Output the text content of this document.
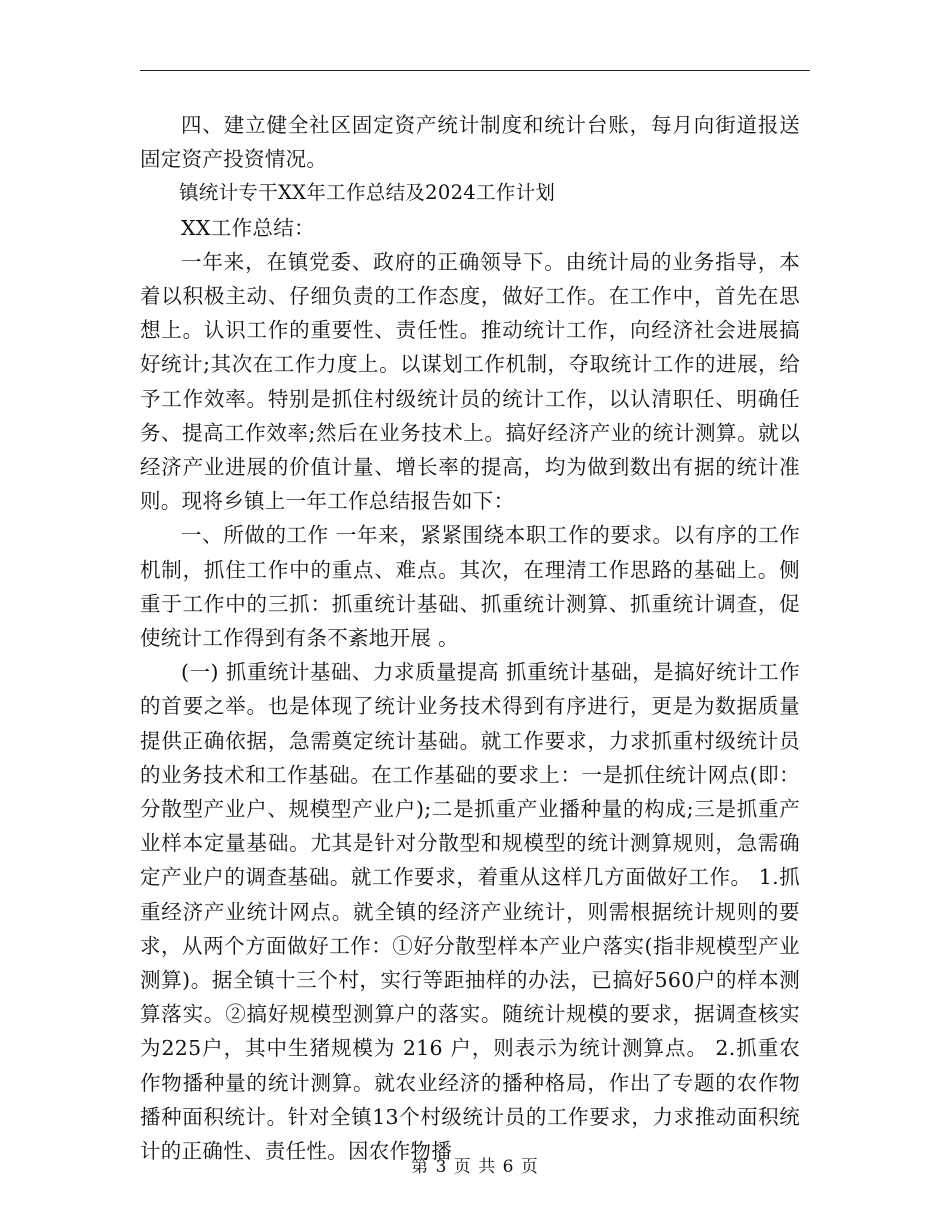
四、建立健全社区固定资产统计制度和统计台账，每月向街道报送固定资产投资情况。

镇统计专干XX年工作总结及2024工作计划

XX工作总结：

一年来，在镇党委、政府的正确领导下。由统计局的业务指导，本着以积极主动、仔细负责的工作态度，做好工作。在工作中，首先在思想上。认识工作的重要性、责任性。推动统计工作，向经济社会进展搞好统计;其次在工作力度上。以谋划工作机制，夺取统计工作的进展，给予工作效率。特别是抓住村级统计员的统计工作，以认清职任、明确任务、提高工作效率;然后在业务技术上。搞好经济产业的统计测算。就以经济产业进展的价值计量、增长率的提高，均为做到数出有据的统计准则。现将乡镇上一年工作总结报告如下：

一、所做的工作 一年来，紧紧围绕本职工作的要求。以有序的工作机制，抓住工作中的重点、难点。其次，在理清工作思路的基础上。侧重于工作中的三抓：抓重统计基础、抓重统计测算、抓重统计调查，促使统计工作得到有条不紊地开展 。

(一) 抓重统计基础、力求质量提高 抓重统计基础，是搞好统计工作的首要之举。也是体现了统计业务技术得到有序进行，更是为数据质量提供正确依据，急需奠定统计基础。就工作要求，力求抓重村级统计员的业务技术和工作基础。在工作基础的要求上：一是抓住统计网点(即：分散型产业户、规模型产业户);二是抓重产业播种量的构成;三是抓重产业样本定量基础。尤其是针对分散型和规模型的统计测算规则，急需确定产业户的调查基础。就工作要求，着重从这样几方面做好工作。 1.抓重经济产业统计网点。就全镇的经济产业统计，则需根据统计规则的要求，从两个方面做好工作：①好分散型样本产业户落实(指非规模型产业测算)。据全镇十三个村，实行等距抽样的办法，已搞好560户的样本测算落实。②搞好规模型测算户的落实。随统计规模的要求，据调查核实为225户，其中生猪规模为 216 户，则表示为统计测算点。 2.抓重农作物播种量的统计测算。就农业经济的播种格局，作出了专题的农作物播种面积统计。针对全镇13个村级统计员的工作要求，力求推动面积统计的正确性、责任性。因农作物播

第 3 页 共 6 页
